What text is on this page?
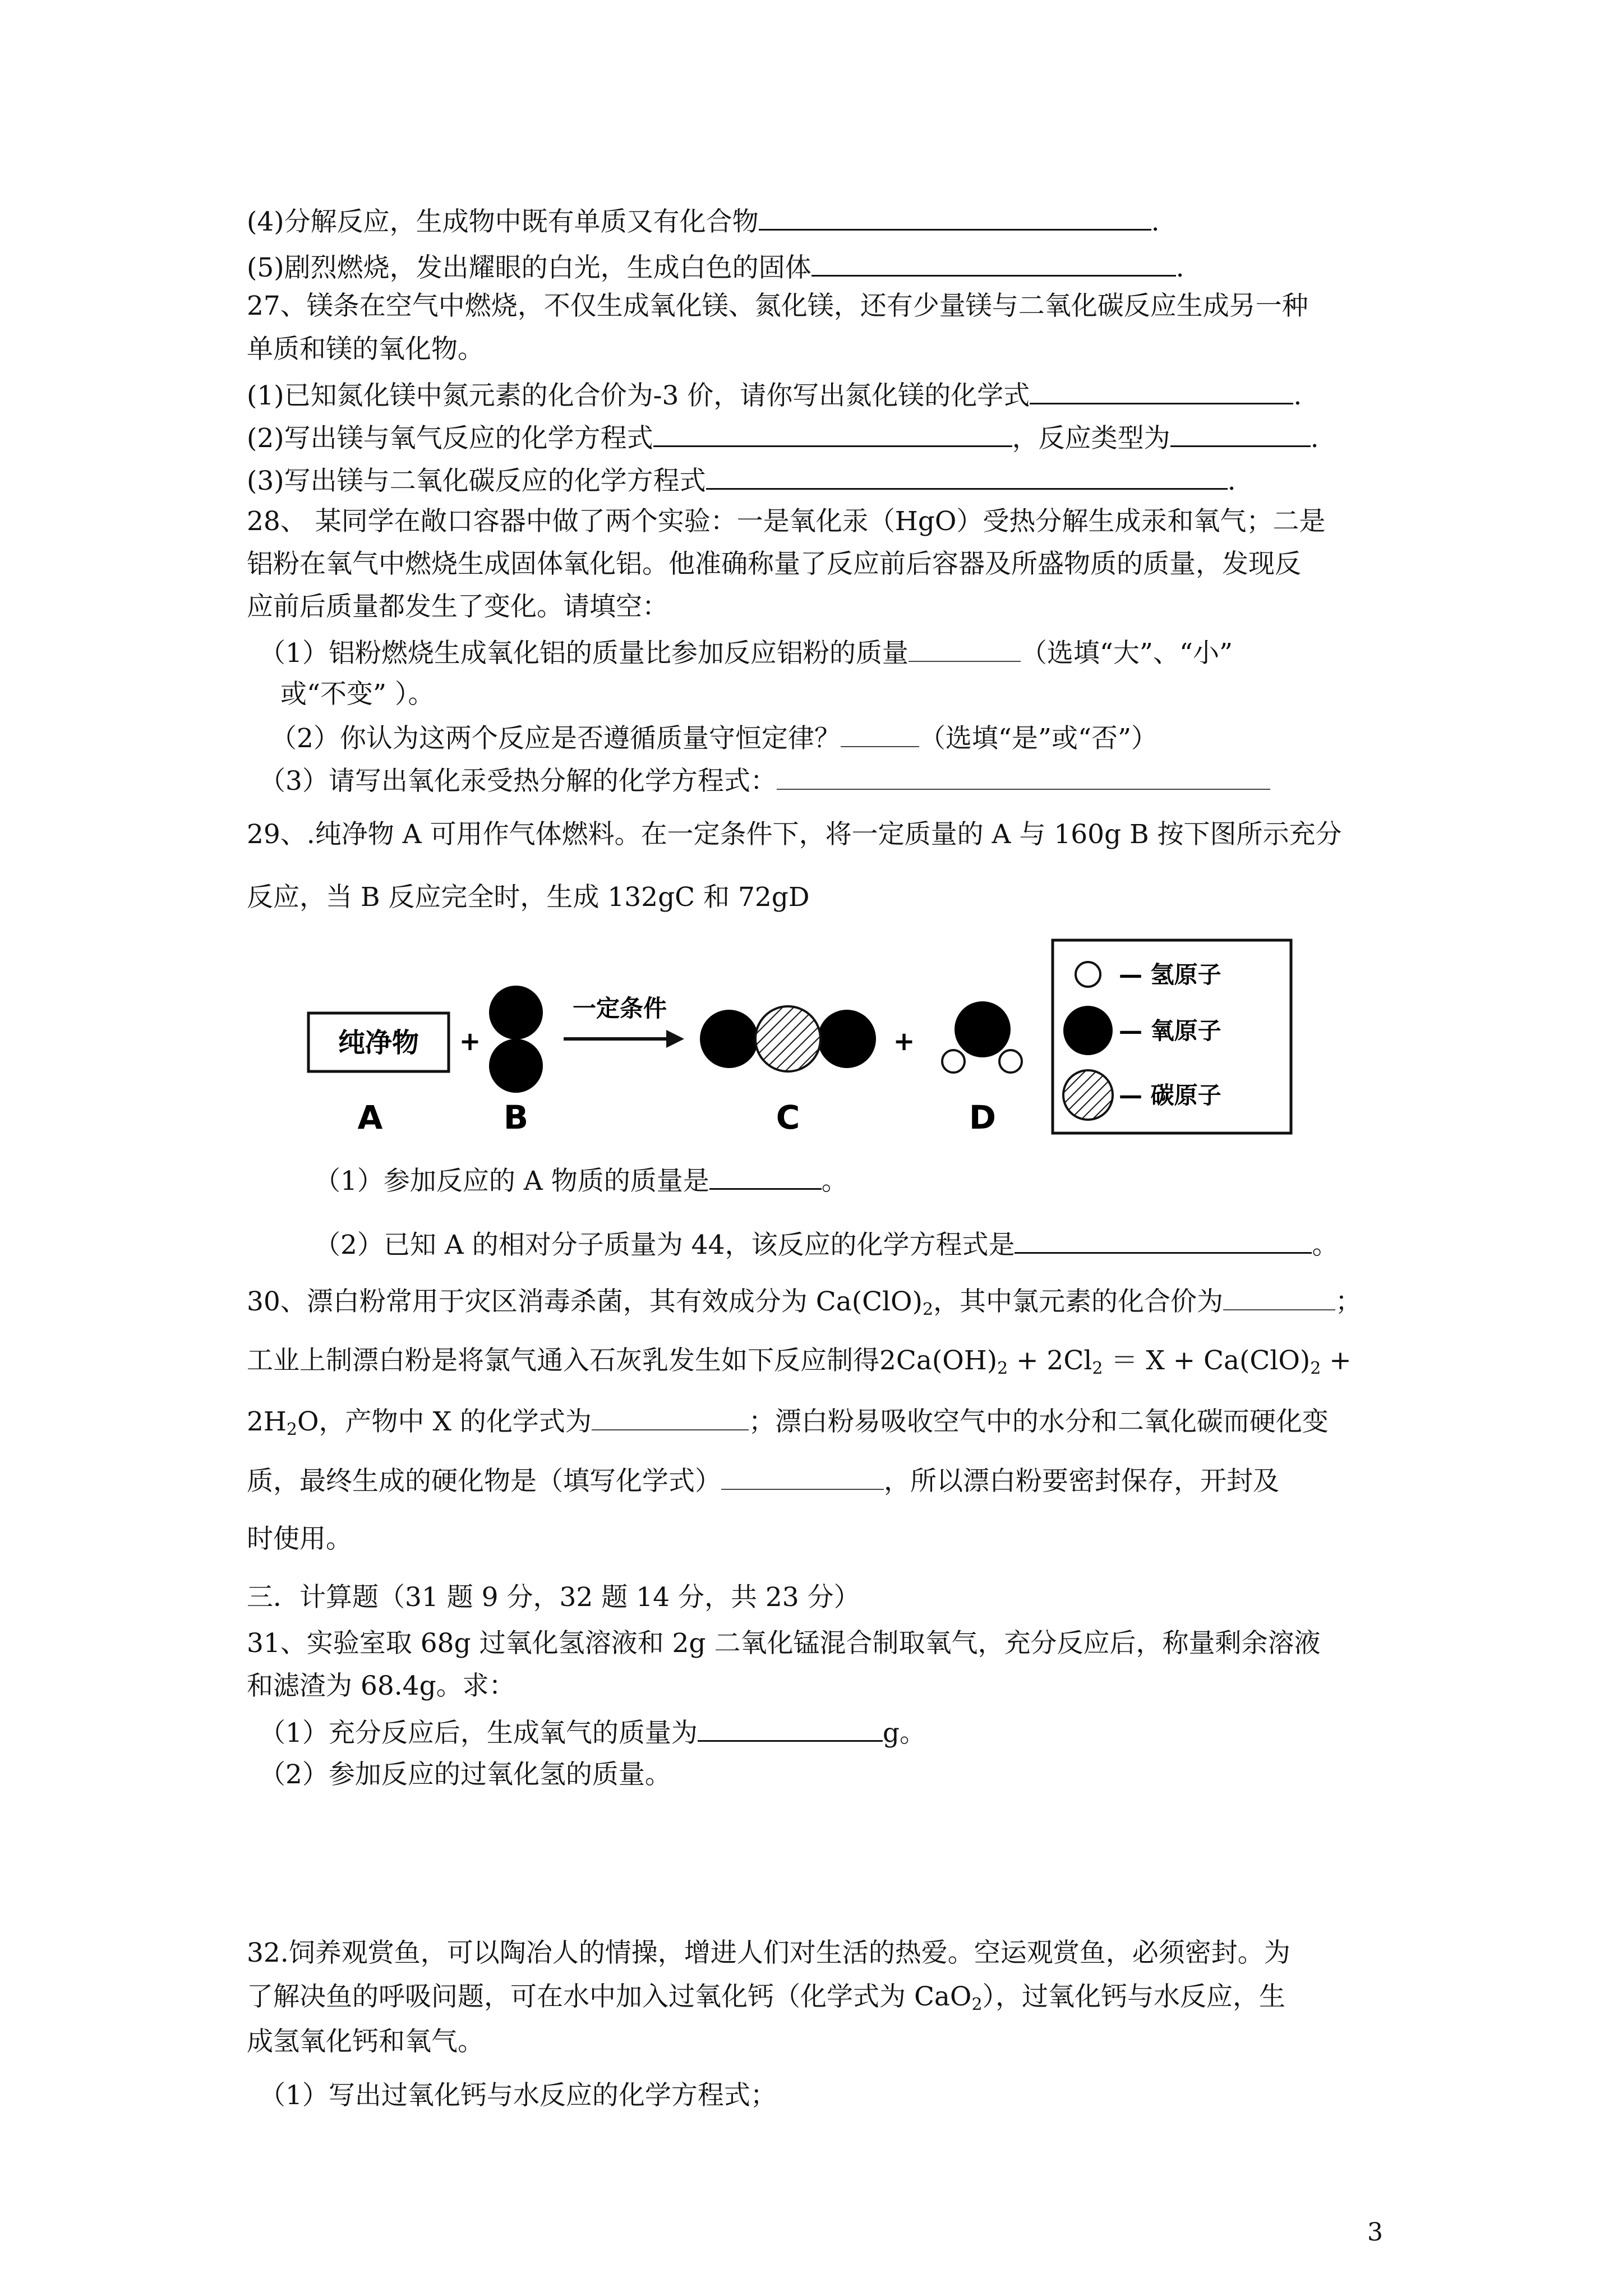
(4)分解反应，生成物中既有单质又有化合物	.
(5)剧烈燃烧，发出耀眼的白光，生成白色的固体	.
27、镁条在空气中燃烧，不仅生成氧化镁、氮化镁，还有少量镁与二氧化碳反应生成另一种
单质和镁的氧化物。
(1)已知氮化镁中氮元素的化合价为-3 价，请你写出氮化镁的化学式	.
(2)写出镁与氧气反应的化学方程式	，反应类型为	.
(3)写出镁与二氧化碳反应的化学方程式	.
28、 某同学在敞口容器中做了两个实验：一是氧化汞（HgO）受热分解生成汞和氧气；二是
铝粉在氧气中燃烧生成固体氧化铝。他准确称量了反应前后容器及所盛物质的质量，发现反
应前后质量都发生了变化。请填空：
（1）铝粉燃烧生成氧化铝的质量比参加反应铝粉的质量	（选填“大”、“小”
或“不变” ）。
（2）你认为这两个反应是否遵循质量守恒定律？	（选填“是”或“否”）
（3）请写出氧化汞受热分解的化学方程式：
29、.纯净物 A 可用作气体燃料。在一定条件下，将一定质量的 A 与 160g B 按下图所示充分
反应，当 B 反应完全时，生成 132gC 和 72gD
纯净物 +
一定条件
+
A	B	C	D
— 氢原子
— 氧原子
— 碳原子
（1）参加反应的 A 物质的质量是	。
（2）已知 A 的相对分子质量为 44，该反应的化学方程式是	。
30、漂白粉常用于灾区消毒杀菌，其有效成分为 $Ca(ClO)_2$，其中氯元素的化合价为	；
工业上制漂白粉是将氯气通入石灰乳发生如下反应制得$2Ca(OH)_2 + 2Cl_2 = X + Ca(ClO)_2$ +
$2H_2O$，产物中 X 的化学式为	；漂白粉易吸收空气中的水分和二氧化碳而硬化变
质，最终生成的硬化物是（填写化学式）	，所以漂白粉要密封保存，开封及
时使用。
三．计算题（31 题 9 分，32 题 14 分，共 23 分）
31、实验室取 68g 过氧化氢溶液和 2g 二氧化锰混合制取氧气，充分反应后，称量剩余溶液
和滤渣为 68.4g。求：
（1）充分反应后，生成氧气的质量为	g。
（2）参加反应的过氧化氢的质量。
32.饲养观赏鱼，可以陶冶人的情操，增进人们对生活的热爱。空运观赏鱼，必须密封。为
了解决鱼的呼吸问题，可在水中加入过氧化钙（化学式为 CaO$_2$），过氧化钙与水反应，生
成氢氧化钙和氧气。
（1）写出过氧化钙与水反应的化学方程式；
3
